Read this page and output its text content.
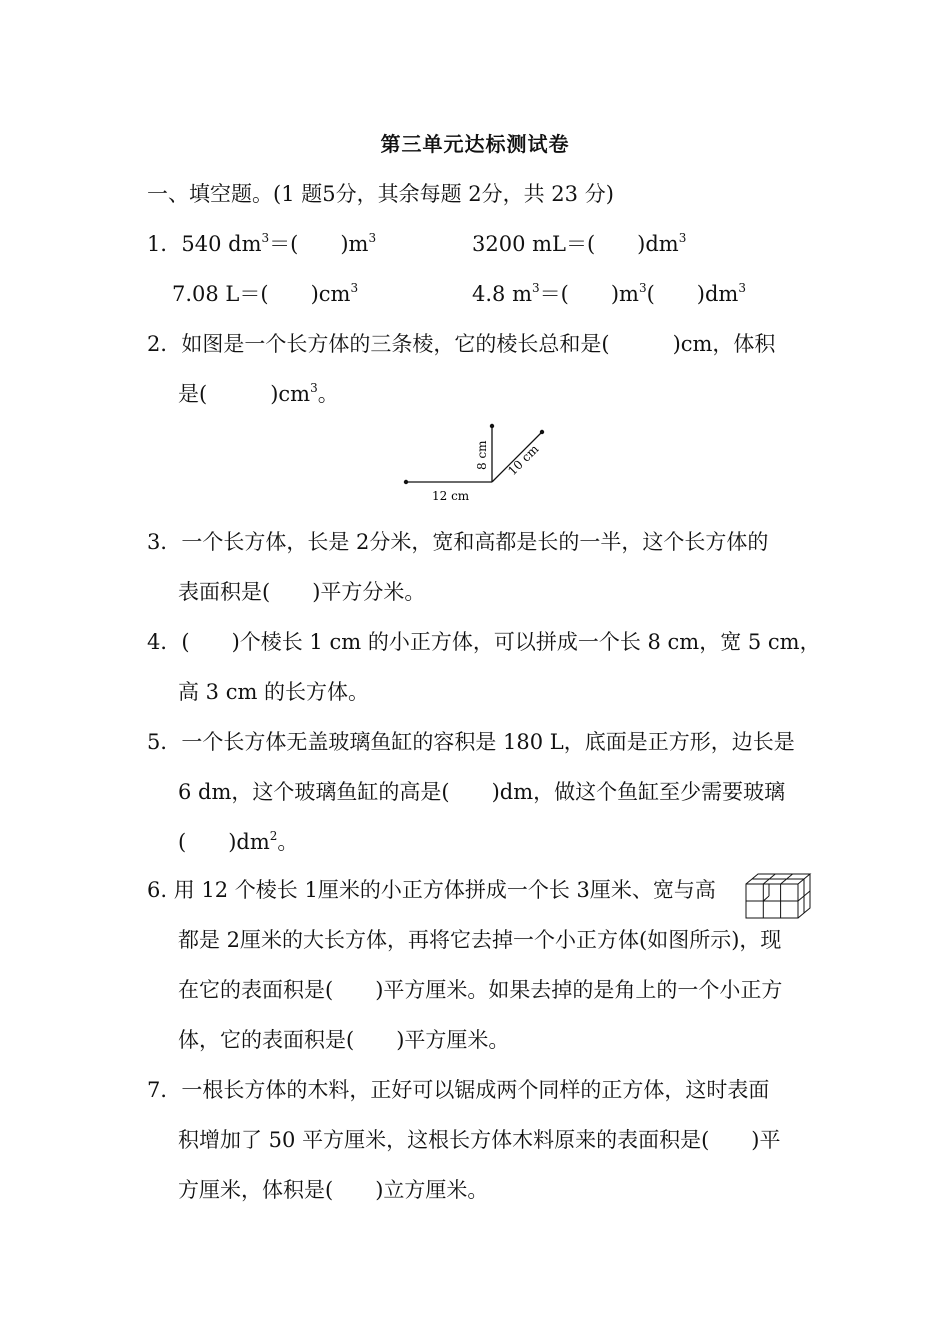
第三单元达标测试卷
一、填空题。(1 题5分，其余每题 2分，共 23 分)
1．540 $dm^3=$(　　)$m^3$	3200 mL＝(　　)$dm^3$
7.08 L＝(　　)$cm^3$	4.8 $m^3=$(　　)$m^3$(　　)$dm^3$
2．如图是一个长方体的三条棱，它的棱长总和是(　　　)cm，体积
是(　　　)$cm^3$。
8 cm 10 cm
12 cm
3．一个长方体，长是 2分米，宽和高都是长的一半，这个长方体的
表面积是(　　)平方分米。
4．(　　)个棱长 1 cm 的小正方体，可以拼成一个长 8 cm，宽 5 cm，
高 3 cm 的长方体。
5．一个长方体无盖玻璃鱼缸的容积是 180 L，底面是正方形，边长是
6 dm，这个玻璃鱼缸的高是(　　)dm，做这个鱼缸至少需要玻璃
(　　)$dm^2$。
6. 用 12 个棱长 1厘米的小正方体拼成一个长 3厘米、宽与高
都是 2厘米的大长方体，再将它去掉一个小正方体(如图所示)，现
在它的表面积是(　　)平方厘米。如果去掉的是角上的一个小正方
体，它的表面积是(　　)平方厘米。
7．一根长方体的木料，正好可以锯成两个同样的正方体，这时表面
积增加了 50 平方厘米，这根长方体木料原来的表面积是(　　)平
方厘米，体积是(　　)立方厘米。
